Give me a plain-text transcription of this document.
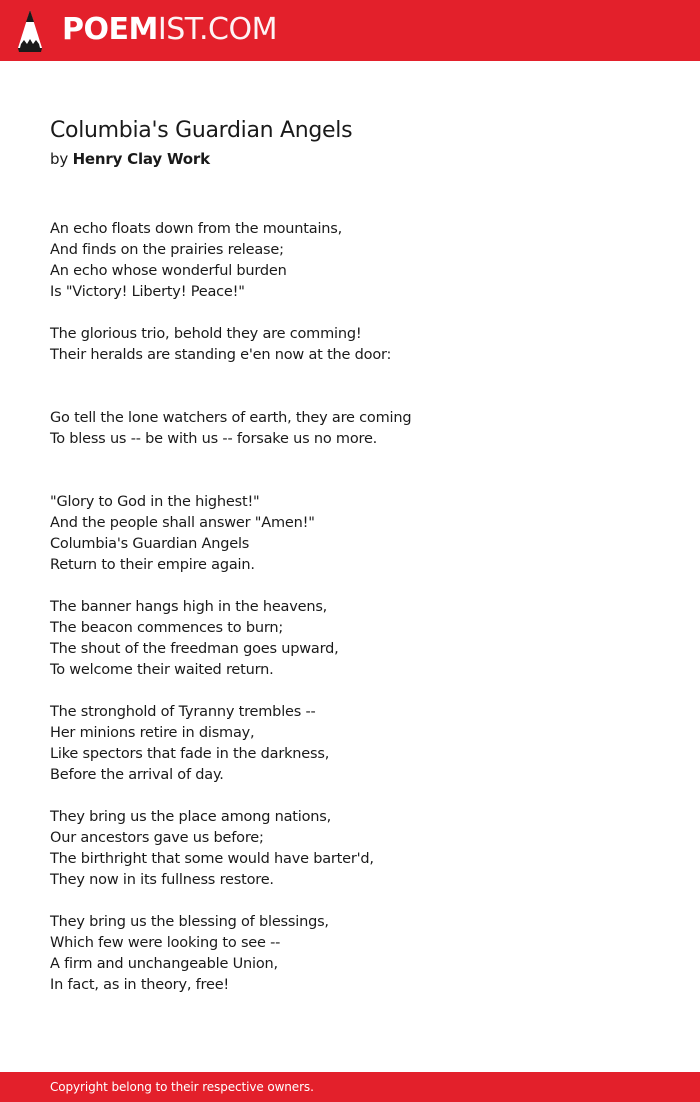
POEMIST.COM
Columbia's Guardian Angels
by Henry Clay Work
An echo floats down from the mountains,
And finds on the prairies release;
An echo whose wonderful burden
Is "Victory! Liberty! Peace!"
The glorious trio, behold they are comming!
Their heralds are standing e'en now at the door:
Go tell the lone watchers of earth, they are coming
To bless us -- be with us -- forsake us no more.
"Glory to God in the highest!"
And the people shall answer "Amen!"
Columbia's Guardian Angels
Return to their empire again.
The banner hangs high in the heavens,
The beacon commences to burn;
The shout of the freedman goes upward,
To welcome their waited return.
The stronghold of Tyranny trembles --
Her minions retire in dismay,
Like spectors that fade in the darkness,
Before the arrival of day.
They bring us the place among nations,
Our ancestors gave us before;
The birthright that some would have barter'd,
They now in its fullness restore.
They bring us the blessing of blessings,
Which few were looking to see --
A firm and unchangeable Union,
In fact, as in theory, free!
Copyright belong to their respective owners.
